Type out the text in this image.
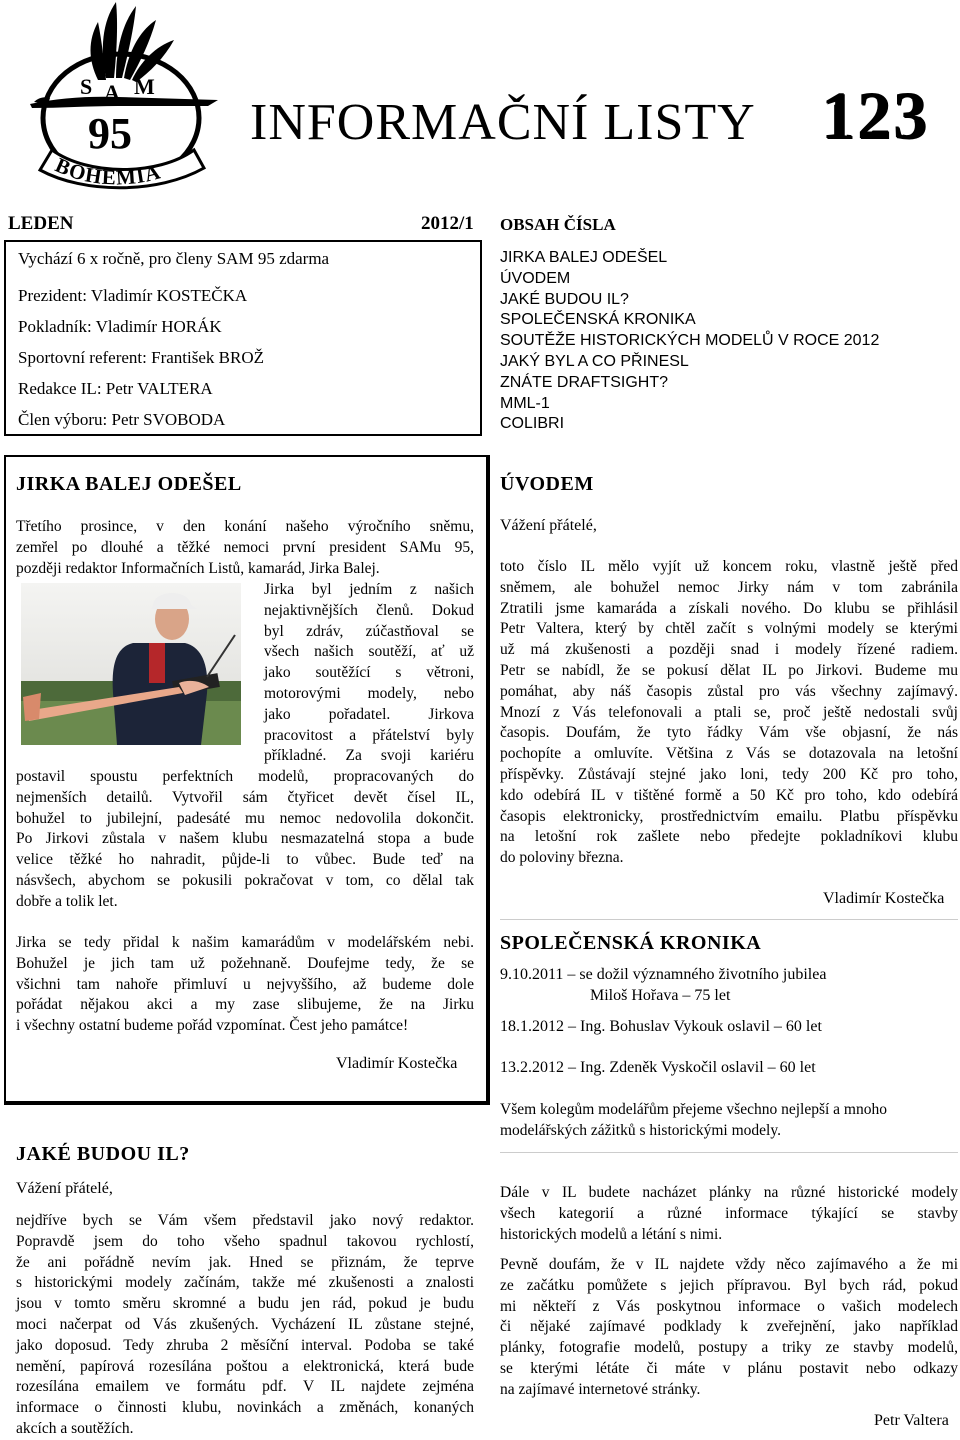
S A M
95
BOHEMIA
INFORMAČNÍ LISTY 123
LEDEN	2012/1 OBSAH ČÍSLA

Vychází 6 x ročně, pro členy SAM 95 zdarma

Prezident: Vladimír KOSTEČKA

Pokladník: Vladimír HORÁK

Sportovní referent: František BROŽ

Redakce IL: Petr VALTERA

Člen výboru: Petr SVOBODA

JIRKA BALEJ ODEŠEL
ÚVODEM
JAKÉ BUDOU IL?
SPOLEČENSKÁ KRONIKA
SOUTĚŽE HISTORICKÝCH MODELŮ V ROCE 2012
JAKÝ BYL A CO PŘINESL
ZNÁTE DRAFTSIGHT?
MML-1
COLIBRI
JIRKA BALEJ ODEŠEL

Třetího prosince, v den konání našeho výročního sněmu,

zemřel po dlouhé a těžké nemoci první president SAMu 95,

později redaktor Informačních Listů, kamarád, Jirka Balej.

Jirka byl jedním z našich

nejaktivnějších členů. Dokud

byl zdráv, zúčastňoval se

všech našich soutěží, ať už

jako soutěžící s větroni,

motorovými modely, nebo

jako pořadatel. Jirkova

pracovitost a přátelství byly

příkladné. Za svoji kariéru

postavil spoustu perfektních modelů, propracovaných do

nejmenších detailů. Vytvořil sám čtyřicet devět čísel IL,

bohužel to jubilejní, padesáté mu nemoc nedovolila dokončit.

Po Jirkovi zůstala v našem klubu nesmazatelná stopa a bude

velice těžké ho nahradit, půjde-li to vůbec. Bude teď na

násvšech, abychom se pokusili pokračovat v tom, co dělal tak

dobře a tolik let.

Jirka se tedy přidal k našim kamarádům v modelářském nebi.

Bohužel je jich tam už požehnaně. Doufejme tedy, že se

všichni tam nahoře přimluví u nejvyššího, až budeme dole

pořádat nějakou akci a my zase slibujeme, že na Jirku

i všechny ostatní budeme pořád vzpomínat. Čest jeho památce!

Vladimír Kostečka
ÚVODEM
Vážení přátelé,

toto číslo IL mělo vyjít už koncem roku, vlastně ještě před

sněmem, ale bohužel nemoc Jirky nám v tom zabránila

Ztratili jsme kamaráda a získali nového. Do klubu se přihlásil

Petr Valtera, který by chtěl začít s volnými modely se kterými

už má zkušenosti a později snad i modely řízené radiem.

Petr se nabídl, že se pokusí dělat IL po Jirkovi. Budeme mu

pomáhat, aby náš časopis zůstal pro vás všechny zajímavý.

Mnozí z Vás telefonovali a ptali se, proč ještě nedostali svůj

časopis. Doufám, že tyto řádky Vám vše objasní, že nás

pochopíte a omluvíte. Většina z Vás se dotazovala na letošní

příspěvky. Zůstávají stejné jako loni, tedy 200 Kč pro toho,

kdo odebírá IL v tištěné formě a 50 Kč pro toho, kdo odebírá

časopis elektronicky, prostřednictvím emailu. Platbu příspěvku

na letošní rok zašlete nebo předejte pokladníkovi klubu

do poloviny března.

Vladimír Kostečka
SPOLEČENSKÁ KRONIKA
9.10.2011 – se dožil významného životního jubilea
Miloš Hořava – 75 let
18.1.2012 – Ing. Bohuslav Vykouk oslavil – 60 let
13.2.2012 – Ing. Zdeněk Vyskočil oslavil – 60 let

Všem kolegům modelářům přejeme všechno nejlepší a mnoho

modelářských zážitků s historickými modely.

JAKÉ BUDOU IL?
Vážení přátelé,

nejdříve bych se Vám všem představil jako nový redaktor.

Popravdě jsem do toho všeho spadnul takovou rychlostí,

že ani pořádně nevím jak. Hned se přiznám, že teprve

s historickými modely začínám, takže mé zkušenosti a znalosti

jsou v tomto směru skromné a budu jen rád, pokud je budu

moci načerpat od Vás zkušených. Vycházení IL zůstane stejné,

jako doposud. Tedy zhruba 2 měsíční interval. Podoba se také

nemění, papírová rozesílána poštou a elektronická, která bude

rozesílána emailem ve formátu pdf. V IL najdete zejména

informace o činnosti klubu, novinkách a změnách, konaných

akcích a soutěžích.

Dále v IL budete nacházet plánky na různé historické modely

všech kategorií a různé informace týkající se stavby

historických modelů a létání s nimi.

Pevně doufám, že v IL najdete vždy něco zajímavého a že mi

ze začátku pomůžete s jejich přípravou. Byl bych rád, pokud

mi někteří z Vás poskytnou informace o vašich modelech

či nějaké zajímavé podklady k zveřejnění, jako například

plánky, fotografie modelů, postupy a triky ze stavby modelů,

se kterými létáte či máte v plánu postavit nebo odkazy

na zajímavé internetové stránky.

Petr Valtera
